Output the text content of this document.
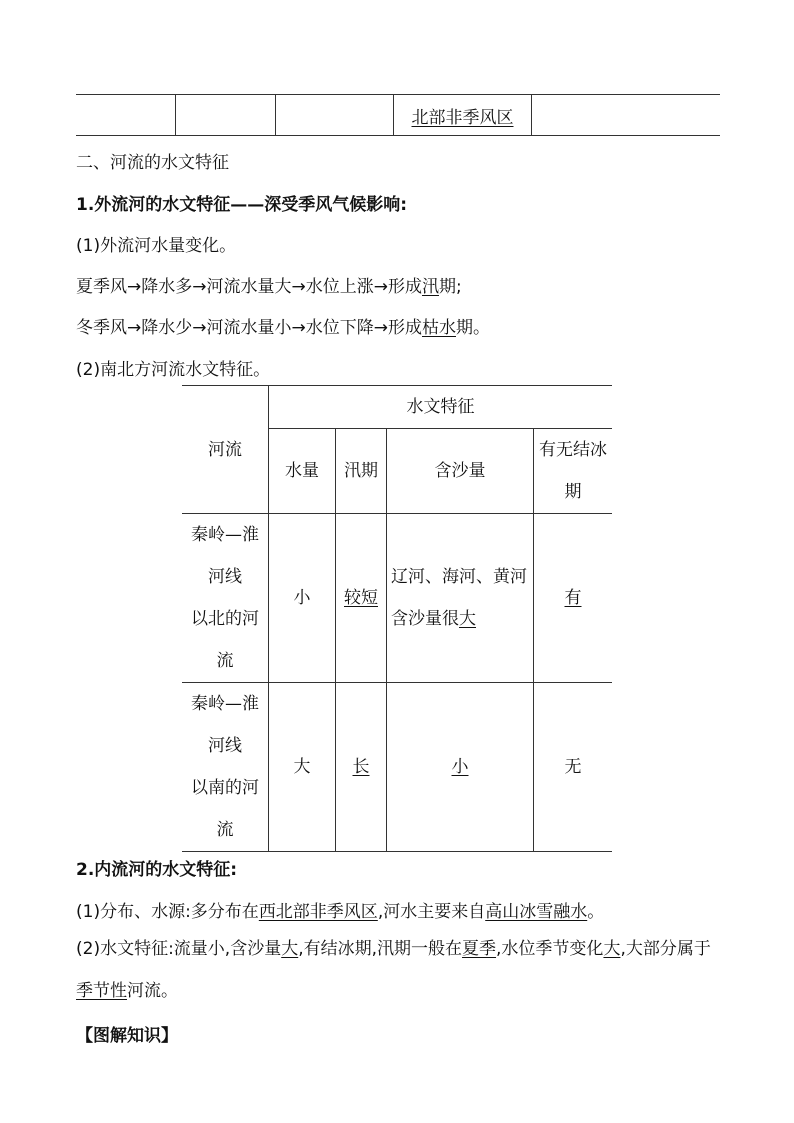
			北部非季风区	
二、河流的水文特征
1.外流河的水文特征——深受季风气候影响:
(1)外流河水量变化。
夏季风→降水多→河流水量大→水位上涨→形成汛期;
冬季风→降水少→河流水量小→水位下降→形成枯水期。
(2)南北方河流水文特征。
河流	水文特征			
	水量	汛期	含沙量	有无结冰期

秦岭—淮
河线
以北的河
流	小	较短	辽河、海河、黄河含沙量很大	有

秦岭—淮
河线
以南的河
流	大	长	小	无
2.内流河的水文特征:
(1)分布、水源:多分布在西北部非季风区,河水主要来自高山冰雪融水。
(2)水文特征:流量小,含沙量大,有结冰期,汛期一般在夏季,水位季节变化大,大部分属于季节性河流。
【图解知识】
